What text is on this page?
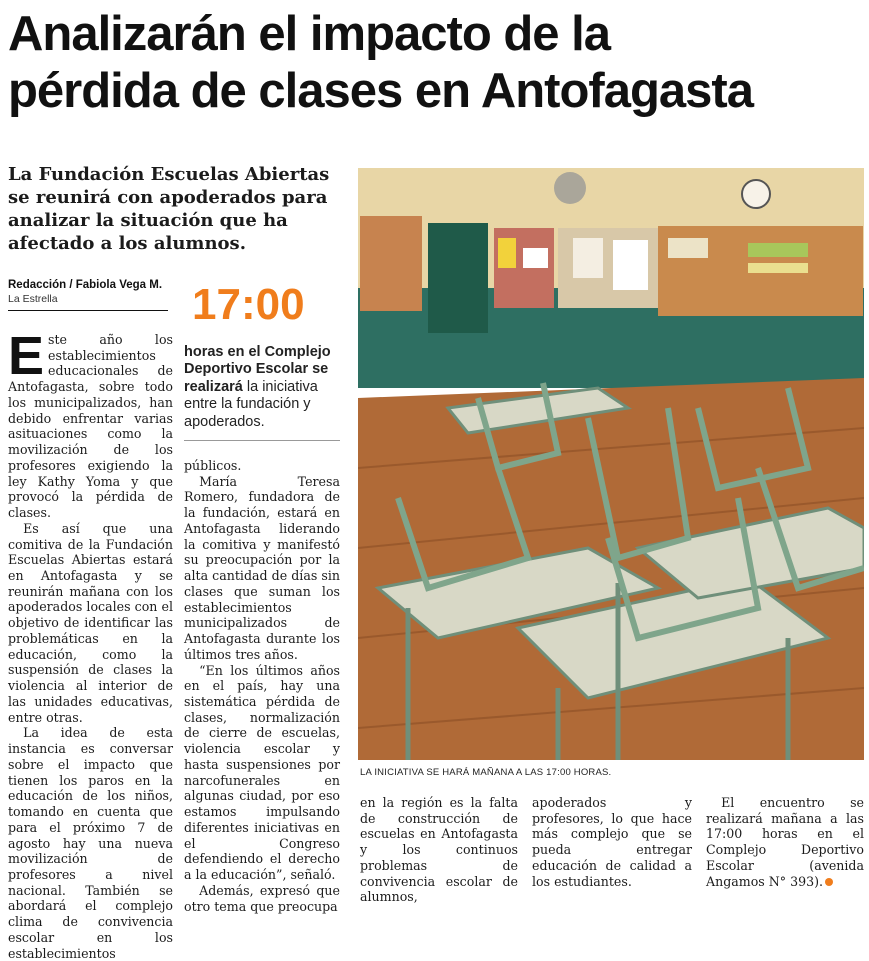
Analizarán el impacto de la
pérdida de clases en Antofagasta

La Fundación Escuelas Abiertas se reunirá con apoderados para analizar la situación que ha afectado a los alumnos.

Redacción / Fabiola Vega M.
La Estrella	17:00

horas en el Complejo Deportivo Escolar se realizará la iniciativa entre la fundación y apoderados.

Este año los establecimientos educacionales de Antofagasta, sobre todo los municipalizados, han debido enfrentar varias asituaciones como la movilización de los profesores exigiendo la ley Kathy Yoma y que provocó la pérdida de clases.

Es así que una comitiva de la Fundación Escuelas Abiertas estará en Antofagasta y se reunirán mañana con los apoderados locales con el objetivo de identificar las problemáticas en la educación, como la suspensión de clases la violencia al interior de las unidades educativas, entre otras.

La idea de esta instancia es conversar sobre el impacto que tienen los paros en la educación de los niños, tomando en cuenta que para el próximo 7 de agosto hay una nueva movilización de profesores a nivel nacional. También se abordará el complejo clima de convivencia escolar en los establecimientos

públicos.

María Teresa Romero, fundadora de la fundación, estará en Antofagasta liderando la comitiva y manifestó su preocupación por la alta cantidad de días sin clases que suman los establecimientos municipalizados de Antofagasta durante los últimos tres años.

“En los últimos años en el país, hay una sistemática pérdida de clases, normalización de cierre de escuelas, violencia escolar y hasta suspensiones por narcofunerales en algunas ciudad, por eso estamos impulsando diferentes iniciativas en el Congreso defendiendo el derecho a la educación”, señaló.

Además, expresó que otro tema que preocupa

LA INICIATIVA SE HARÁ MAÑANA A LAS 17:00 HORAS.

en la región es la falta de construcción de escuelas en Antofagasta y los continuos problemas de convivencia escolar de alumnos,

apoderados y profesores, lo que hace más complejo que se pueda entregar educación de calidad a los estudiantes.

El encuentro se realizará mañana a las 17:00 horas en el Complejo Deportivo Escolar (avenida Angamos N° 393).
